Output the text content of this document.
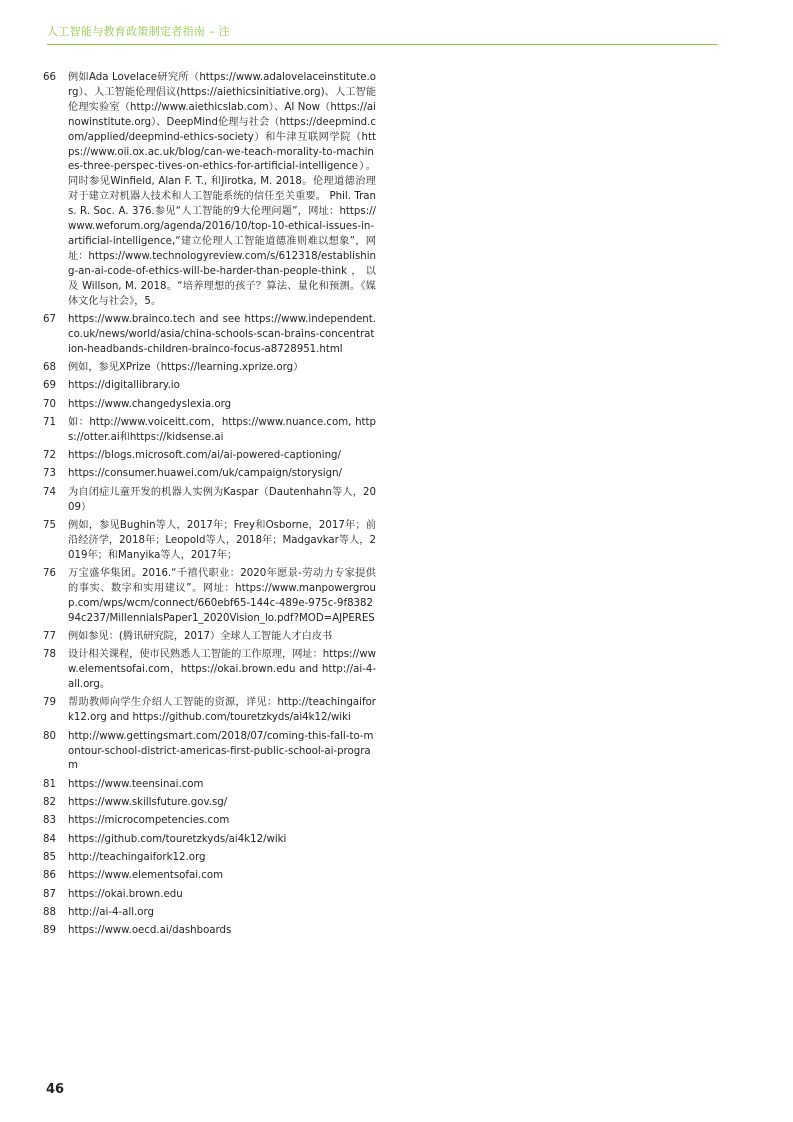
人工智能与教育政策制定者指南 – 注
66	例如Ada Lovelace研究所（https://www.adalovelaceinstitute.org）、人工智能伦理倡议(https://aiethicsinitiative.org)、人工智能伦理实验室（http://www.aiethicslab.com）、AI Now（https://ainowinstitute.org）、DeepMind伦理与社会（https://deepmind.com/applied/deepmind-ethics-society）和牛津互联网学院（https://www.oii.ox.ac.uk/blog/can-we-teach-morality-to-machines-three-perspec-tives-on-ethics-for-artificial-intelligence）。同时参见Winfield, Alan F. T., 和Jirotka, M. 2018。伦理道德治理对于建立对机器人技术和人工智能系统的信任至关重要。 Phil. Trans. R. Soc. A. 376.参见“人工智能的9大伦理问题”，网址：https://www.weforum.org/agenda/2016/10/top-10-ethical-issues-in-artificial-intelligence,“建立伦理人工智能道德准则难以想象”，网址：https://www.technologyreview.com/s/612318/establishing-an-ai-code-of-ethics-will-be-harder-than-people-think，以及 Willson, M. 2018。“培养理想的孩子？算法、量化和预测。《媒体文化与社会》，5。
67	https://www.brainco.tech and see https://www.independent.co.uk/news/world/asia/china-schools-scan-brains-concentration-headbands-children-brainco-focus-a8728951.html
68	例如，参见XPrize（https://learning.xprize.org）
69	https://digitallibrary.io
70	https://www.changedyslexia.org
71	如：http://www.voiceitt.com，https://www.nuance.com, https://otter.ai和https://kidsense.ai
72	https://blogs.microsoft.com/ai/ai-powered-captioning/
73	https://consumer.huawei.com/uk/campaign/storysign/
74	为自闭症儿童开发的机器人实例为Kaspar（Dautenhahn等人，2009）
75	例如，参见Bughin等人，2017年；Frey和Osborne，2017年；前沿经济学，2018年；Leopold等人，2018年；Madgavkar等人，2019年；和Manyika等人，2017年；
76	万宝盛华集团。2016.“千禧代职业：2020年愿景-劳动力专家提供的事实、数字和实用建议”。网址：https://www.manpowergroup.com/wps/wcm/connect/660ebf65-144c-489e-975c-9f838294c237/MillennialsPaper1_2020Vision_lo.pdf?MOD=AJPERES
77	例如参见：(腾讯研究院，2017）全球人工智能人才白皮书
78	设计相关课程，使市民熟悉人工智能的工作原理，网址：https://www.elementsofai.com，https://okai.brown.edu and http://ai-4-all.org。
79	帮助教师向学生介绍人工智能的资源，详见：http://teachingaifork12.org and https://github.com/touretzkyds/ai4k12/wiki
80	http://www.gettingsmart.com/2018/07/coming-this-fall-to-montour-school-district-americas-first-public-school-ai-program
81	https://www.teensinai.com
82	https://www.skillsfuture.gov.sg/
83	https://microcompetencies.com
84	https://github.com/touretzkyds/ai4k12/wiki
85	http://teachingaifork12.org
86	https://www.elementsofai.com
87	https://okai.brown.edu
88	http://ai-4-all.org
89	https://www.oecd.ai/dashboards
46
